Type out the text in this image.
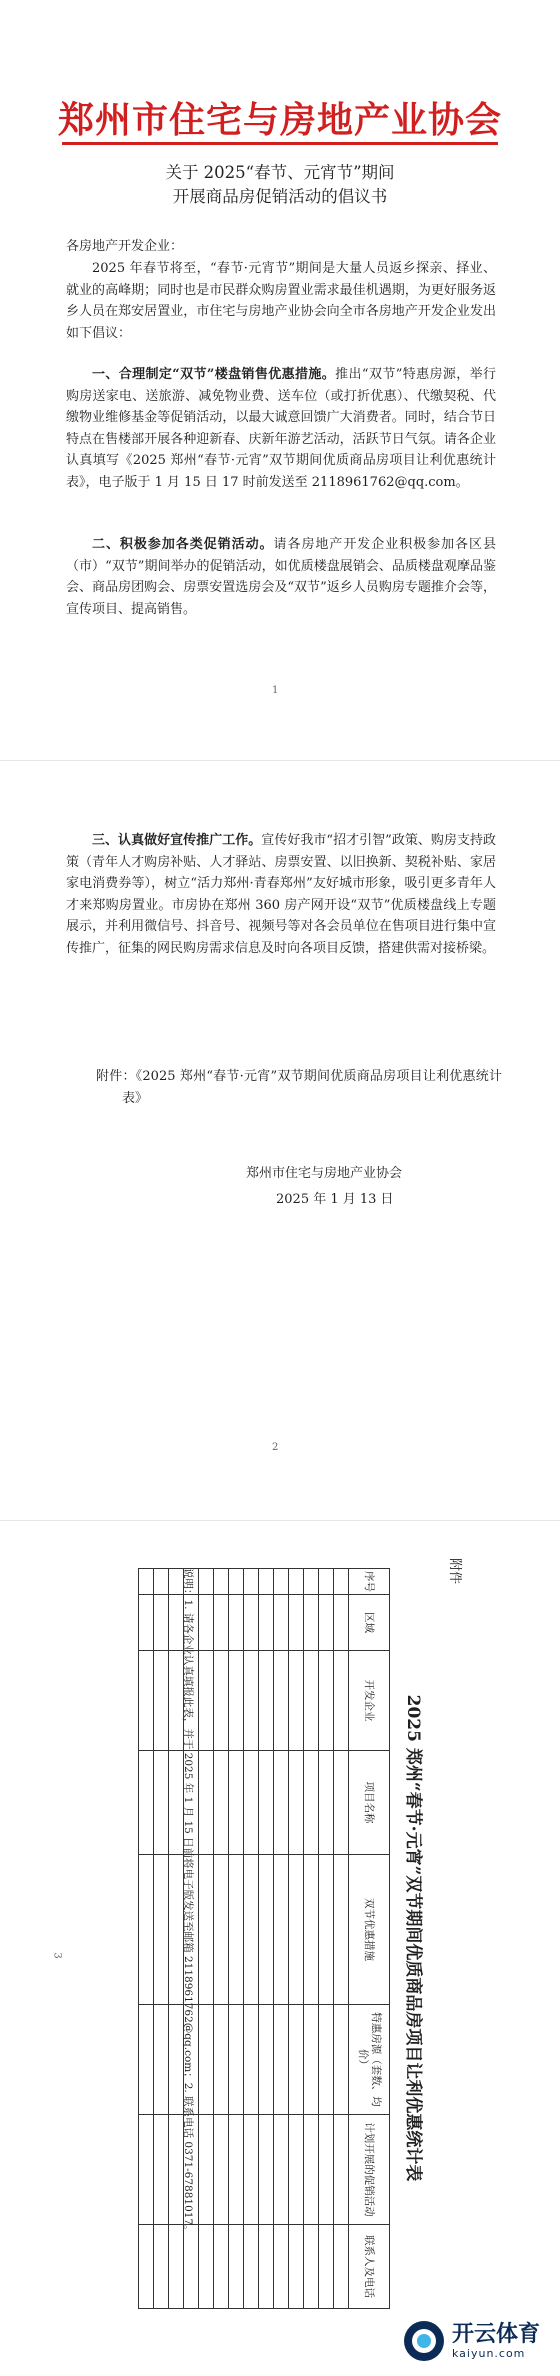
郑州市住宅与房地产业协会
关于 2025“春节、元宵节”期间
开展商品房促销活动的倡议书
各房地产开发企业：
2025 年春节将至，“春节·元宵节”期间是大量人员返乡探亲、择业、就业的高峰期；同时也是市民群众购房置业需求最佳机遇期，为更好服务返乡人员在郑安居置业，市住宅与房地产业协会向全市各房地产开发企业发出如下倡议：
一、合理制定“双节”楼盘销售优惠措施。推出“双节”特惠房源，举行购房送家电、送旅游、减免物业费、送车位（或打折优惠）、代缴契税、代缴物业维修基金等促销活动，以最大诚意回馈广大消费者。同时，结合节日特点在售楼部开展各种迎新春、庆新年游艺活动，活跃节日气氛。请各企业认真填写《2025 郑州“春节·元宵”双节期间优质商品房项目让利优惠统计表》，电子版于 1 月 15 日 17 时前发送至 2118961762@qq.com。
二、积极参加各类促销活动。请各房地产开发企业积极参加各区县（市）“双节”期间举办的促销活动，如优质楼盘展销会、品质楼盘观摩品鉴会、商品房团购会、房票安置选房会及“双节”返乡人员购房专题推介会等，宣传项目、提高销售。
1
三、认真做好宣传推广工作。宣传好我市“招才引智”政策、购房支持政策（青年人才购房补贴、人才驿站、房票安置、以旧换新、契税补贴、家居家电消费券等），树立“活力郑州·青春郑州”友好城市形象，吸引更多青年人才来郑购房置业。市房协在郑州 360 房产网开设“双节”优质楼盘线上专题展示，并利用微信号、抖音号、视频号等对各会员单位在售项目进行集中宣传推广，征集的网民购房需求信息及时向各项目反馈，搭建供需对接桥梁。
附件：《2025 郑州“春节·元宵”双节期间优质商品房项目让利优惠统计表》
郑州市住宅与房地产业协会
2025 年 1 月 13 日
2
3
附件
2025 郑州“春节·元宵”双节期间优质商品房项目让利优惠统计表
序号	区域	开发企业	项目名称	双节优惠措施	特惠房源（套数、均价）	计划开展的促销活动	联系人及电话

说明：1. 请各企业认真填报此表，并于 2025 年 1 月 15 日前将电子版发送至邮箱 2118961762@qq.com；2. 联系电话 0371-67881017。
开云体育
kaiyun.com
